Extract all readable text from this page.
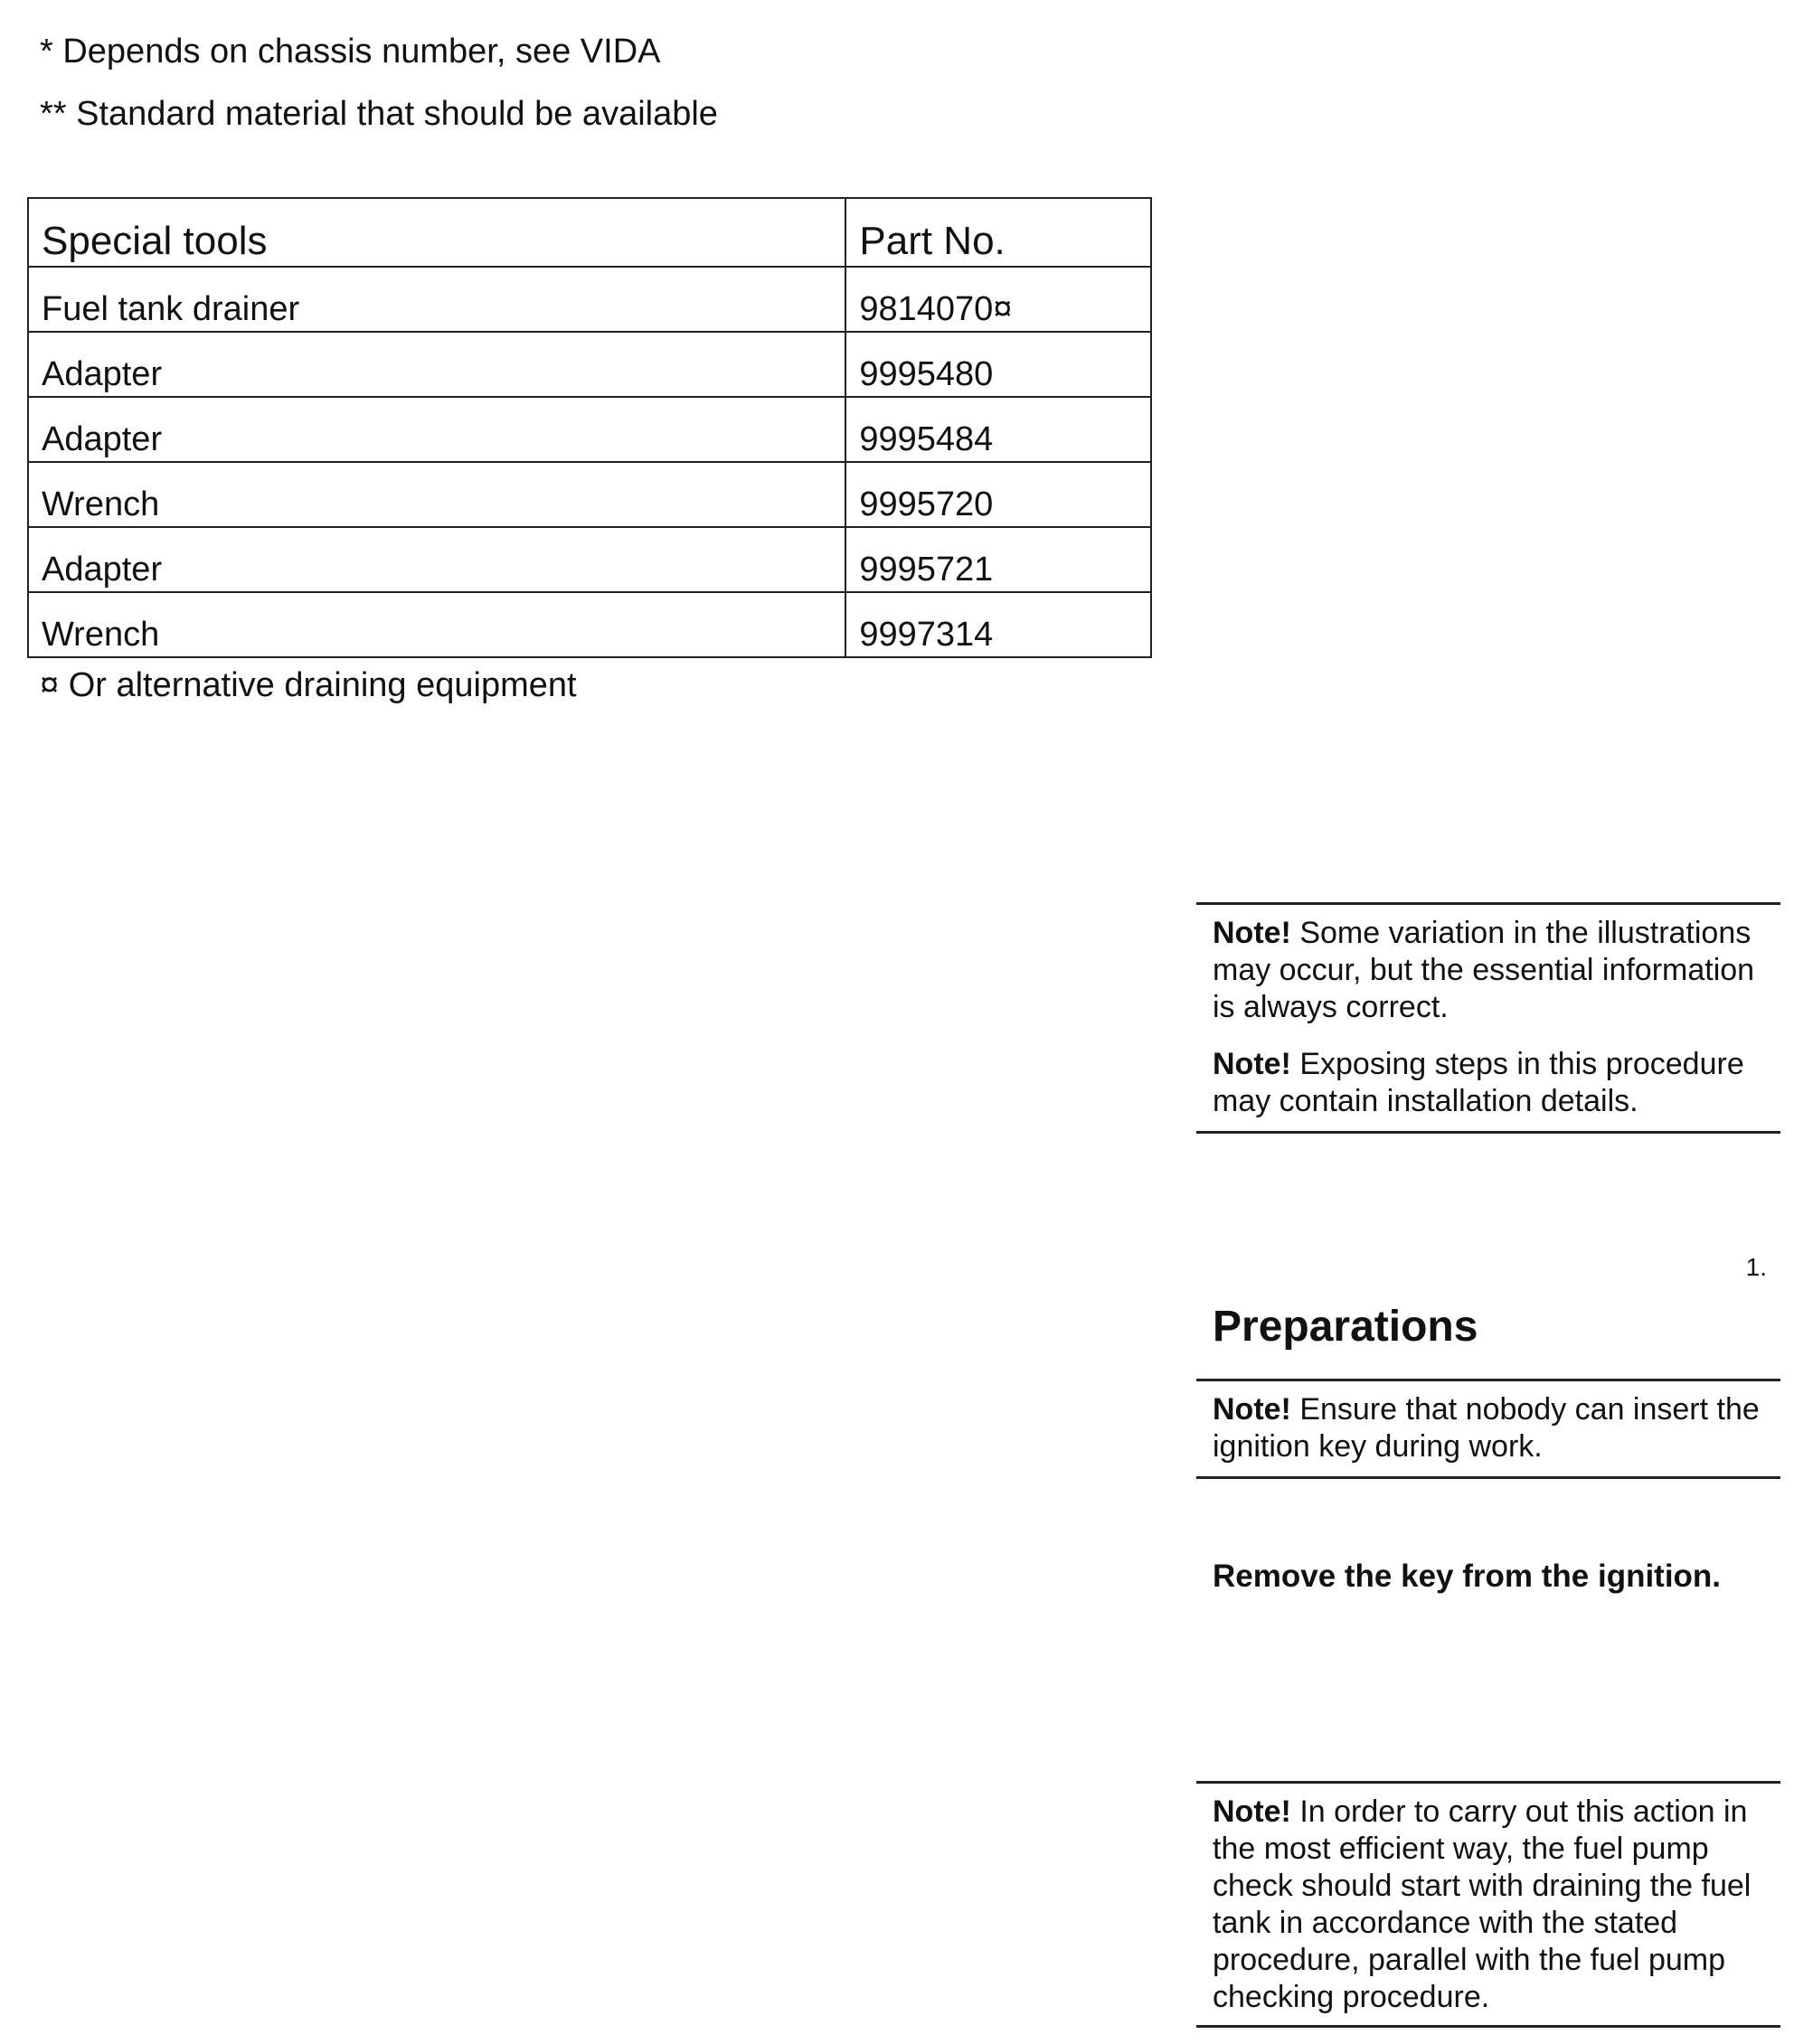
* Depends on chassis number, see VIDA
** Standard material that should be available
Special tools	Part No.
Fuel tank drainer	9814070¤
Adapter	9995480
Adapter	9995484
Wrench	9995720
Adapter	9995721
Wrench	9997314
¤ Or alternative draining equipment
Note! Some variation in the illustrations may occur, but the essential information is always correct.
Note! Exposing steps in this procedure may contain installation details.
1.
Preparations
Note! Ensure that nobody can insert the ignition key during work.
Remove the key from the ignition.
Note! In order to carry out this action in the most efficient way, the fuel pump check should start with draining the fuel tank in accordance with the stated procedure, parallel with the fuel pump checking procedure.
